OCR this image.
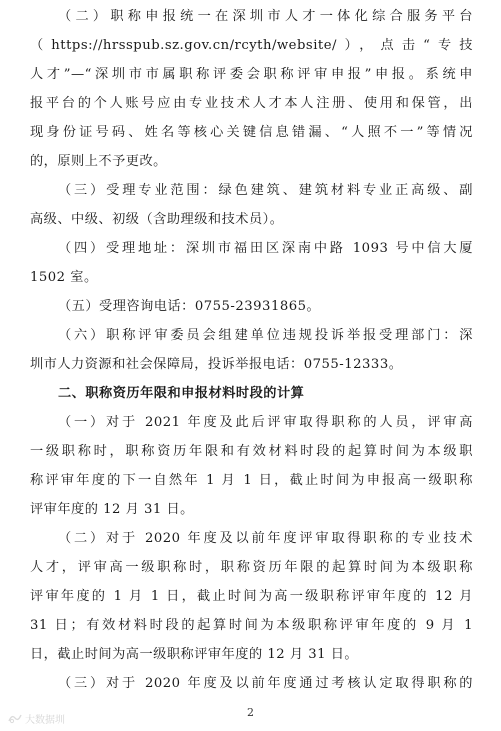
（二）职称申报统一在深圳市人才一体化综合服务平台
（https://hrsspub.sz.gov.cn/rcyth/website/），点击“专技
人才”—“深圳市市属职称评委会职称评审申报”申报。系统申
报平台的个人账号应由专业技术人才本人注册、使用和保管，出
现身份证号码、姓名等核心关键信息错漏、“人照不一”等情况
的，原则上不予更改。
（三）受理专业范围：绿色建筑、建筑材料专业正高级、副
高级、中级、初级（含助理级和技术员）。
（四）受理地址：深圳市福田区深南中路 1093 号中信大厦
1502 室。
（五）受理咨询电话：0755-23931865。
（六）职称评审委员会组建单位违规投诉举报受理部门：深
圳市人力资源和社会保障局，投诉举报电话：0755-12333。
二、职称资历年限和申报材料时段的计算
（一）对于 2021 年度及此后评审取得职称的人员，评审高
一级职称时，职称资历年限和有效材料时段的起算时间为本级职
称评审年度的下一自然年 1 月 1 日，截止时间为申报高一级职称
评审年度的 12 月 31 日。
（二）对于 2020 年度及以前年度评审取得职称的专业技术
人才，评审高一级职称时，职称资历年限的起算时间为本级职称
评审年度的 1 月 1 日，截止时间为高一级职称评审年度的 12 月
31 日；有效材料时段的起算时间为本级职称评审年度的 9 月 1
日，截止时间为高一级职称评审年度的 12 月 31 日。
（三）对于 2020 年度及以前年度通过考核认定取得职称的
2
大数据圳
